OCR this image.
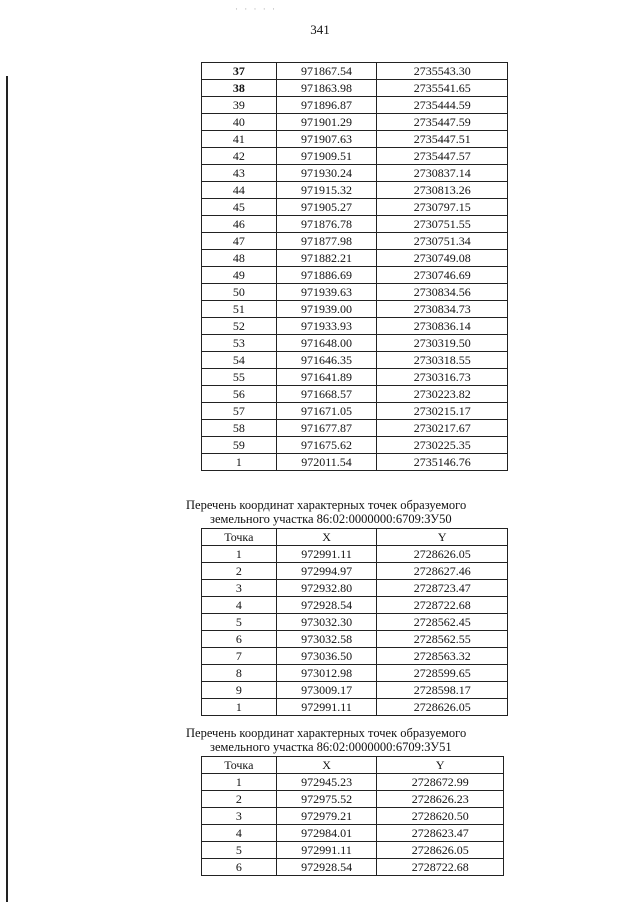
· · · · ·
341
37	971867.54	2735543.30
38	971863.98	2735541.65
39	971896.87	2735444.59
40	971901.29	2735447.59
41	971907.63	2735447.51
42	971909.51	2735447.57
43	971930.24	2730837.14
44	971915.32	2730813.26
45	971905.27	2730797.15
46	971876.78	2730751.55
47	971877.98	2730751.34
48	971882.21	2730749.08
49	971886.69	2730746.69
50	971939.63	2730834.56
51	971939.00	2730834.73
52	971933.93	2730836.14
53	971648.00	2730319.50
54	971646.35	2730318.55
55	971641.89	2730316.73
56	971668.57	2730223.82
57	971671.05	2730215.17
58	971677.87	2730217.67
59	971675.62	2730225.35
1	972011.54	2735146.76
Перечень координат характерных точек образуемого
земельного участка 86:02:0000000:6709:ЗУ50
Точка	X	Y
1	972991.11	2728626.05
2	972994.97	2728627.46
3	972932.80	2728723.47
4	972928.54	2728722.68
5	973032.30	2728562.45
6	973032.58	2728562.55
7	973036.50	2728563.32
8	973012.98	2728599.65
9	973009.17	2728598.17
1	972991.11	2728626.05
Перечень координат характерных точек образуемого
земельного участка 86:02:0000000:6709:ЗУ51
Точка	X	Y
1	972945.23	2728672.99
2	972975.52	2728626.23
3	972979.21	2728620.50
4	972984.01	2728623.47
5	972991.11	2728626.05
6	972928.54	2728722.68
